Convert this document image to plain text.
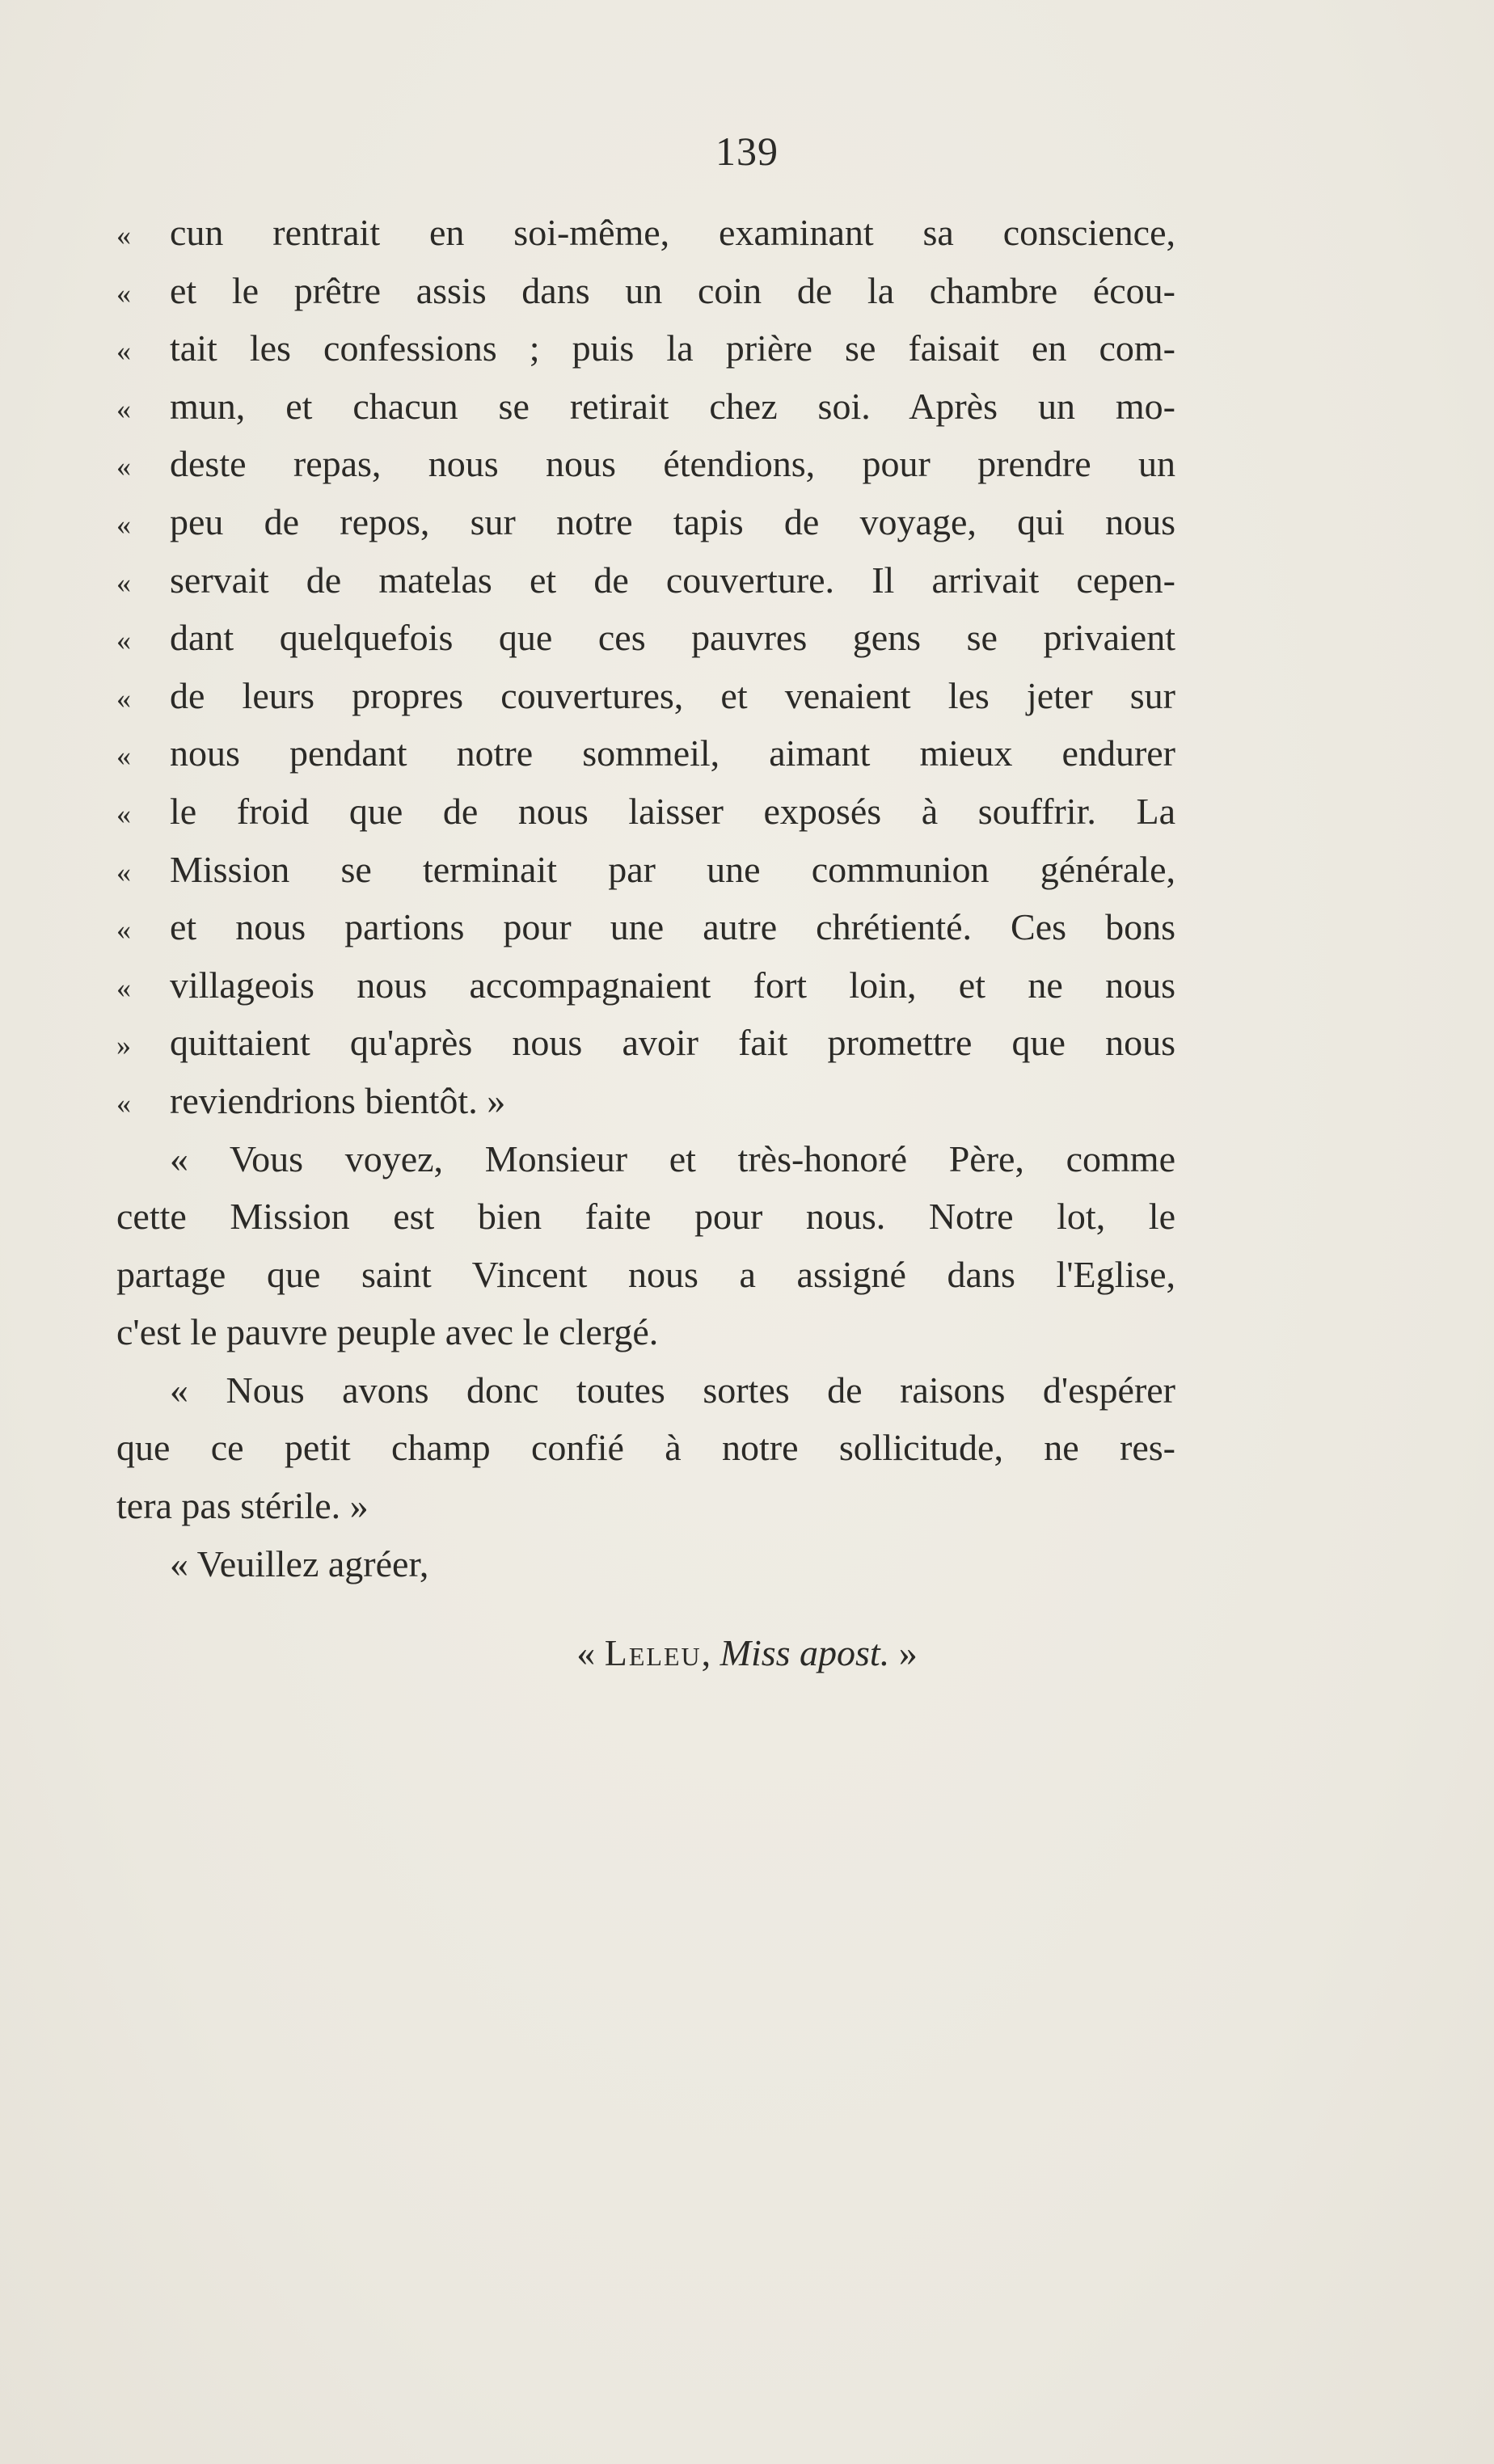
139
« cun rentrait en soi-même, examinant sa conscience,
« et le prêtre assis dans un coin de la chambre écou-
« tait les confessions ; puis la prière se faisait en com-
« mun, et chacun se retirait chez soi. Après un mo-
« deste repas, nous nous étendions, pour prendre un
« peu de repos, sur notre tapis de voyage, qui nous
« servait de matelas et de couverture. Il arrivait cepen-
« dant quelquefois que ces pauvres gens se privaient
« de leurs propres couvertures, et venaient les jeter sur
« nous pendant notre sommeil, aimant mieux endurer
« le froid que de nous laisser exposés à souffrir. La
« Mission se terminait par une communion générale,
« et nous partions pour une autre chrétienté. Ces bons
« villageois nous accompagnaient fort loin, et ne nous
» quittaient qu'après nous avoir fait promettre que nous
« reviendrions bientôt. »
« Vous voyez, Monsieur et très-honoré Père, comme
cette Mission est bien faite pour nous. Notre lot, le
partage que saint Vincent nous a assigné dans l'Eglise,
c'est le pauvre peuple avec le clergé.
« Nous avons donc toutes sortes de raisons d'espérer
que ce petit champ confié à notre sollicitude, ne res-
tera pas stérile. »
« Veuillez agréer,
« Leleu, Miss apost. »
